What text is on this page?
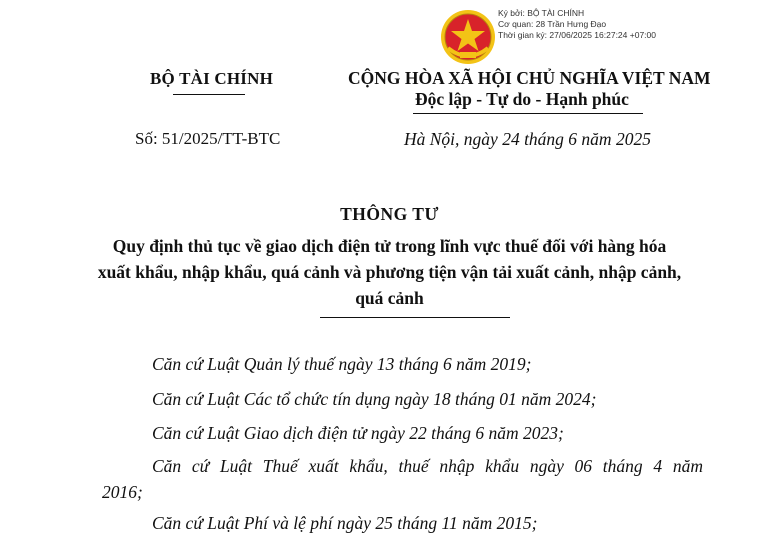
Ký bởi: BỘ TÀI CHÍNH
Cơ quan: 28 Trần Hưng Đạo
Thời gian ký: 27/06/2025 16:27:24 +07:00
BỘ TÀI CHÍNH
Số: 51/2025/TT-BTC
CỘNG HÒA XÃ HỘI CHỦ NGHĨA VIỆT NAM
Độc lập - Tự do - Hạnh phúc
Hà Nội, ngày 24 tháng 6 năm 2025
THÔNG TƯ
Quy định thủ tục về giao dịch điện tử trong lĩnh vực thuế đối với hàng hóa
xuất khẩu, nhập khẩu, quá cảnh và phương tiện vận tải xuất cảnh, nhập cảnh,
quá cảnh
Căn cứ Luật Quản lý thuế ngày 13 tháng 6 năm 2019;
Căn cứ Luật Các tổ chức tín dụng ngày 18 tháng 01 năm 2024;
Căn cứ Luật Giao dịch điện tử ngày 22 tháng 6 năm 2023;
Căn cứ Luật Thuế xuất khẩu, thuế nhập khẩu ngày 06 tháng 4 năm
2016;
Căn cứ Luật Phí và lệ phí ngày 25 tháng 11 năm 2015;
